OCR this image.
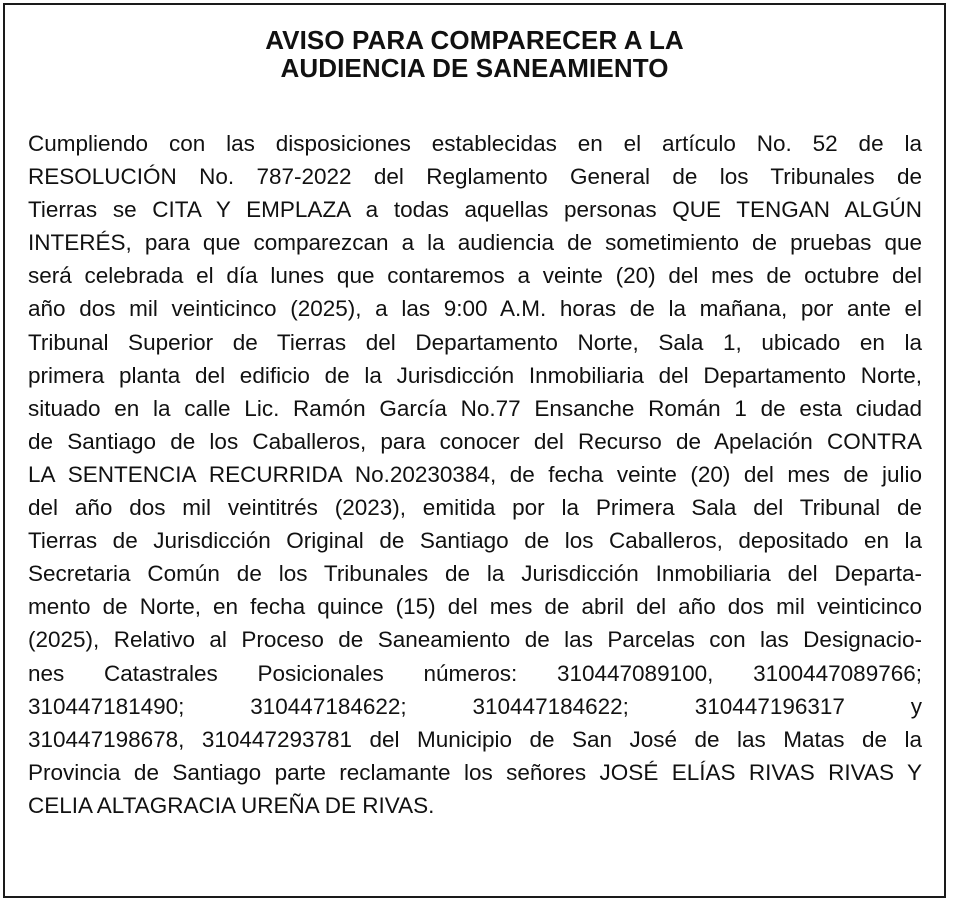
AVISO PARA COMPARECER A LA
AUDIENCIA DE SANEAMIENTO
Cumpliendo con las disposiciones establecidas en el artículo No. 52 de la
RESOLUCIÓN No. 787-2022 del Reglamento General de los Tribunales de
Tierras se CITA Y EMPLAZA a todas aquellas personas QUE TENGAN ALGÚN
INTERÉS, para que comparezcan a la audiencia de sometimiento de pruebas que
será celebrada el día lunes que contaremos a veinte (20) del mes de octubre del
año dos mil veinticinco (2025), a las 9:00 A.M. horas de la mañana, por ante el
Tribunal Superior de Tierras del Departamento Norte, Sala 1, ubicado en la
primera planta del edificio de la Jurisdicción Inmobiliaria del Departamento Norte,
situado en la calle Lic. Ramón García No.77 Ensanche Román 1 de esta ciudad
de Santiago de los Caballeros, para conocer del Recurso de Apelación CONTRA
LA SENTENCIA RECURRIDA No.20230384, de fecha veinte (20) del mes de julio
del año dos mil veintitrés (2023), emitida por la Primera Sala del Tribunal de
Tierras de Jurisdicción Original de Santiago de los Caballeros, depositado en la
Secretaria Común de los Tribunales de la Jurisdicción Inmobiliaria del Departa-
mento de Norte, en fecha quince (15) del mes de abril del año dos mil veinticinco
(2025), Relativo al Proceso de Saneamiento de las Parcelas con las Designacio-
nes Catastrales Posicionales números: 310447089100, 3100447089766;
310447181490; 310447184622; 310447184622; 310447196317 y
310447198678, 310447293781 del Municipio de San José de las Matas de la
Provincia de Santiago parte reclamante los señores JOSÉ ELÍAS RIVAS RIVAS Y
CELIA ALTAGRACIA UREÑA DE RIVAS.
